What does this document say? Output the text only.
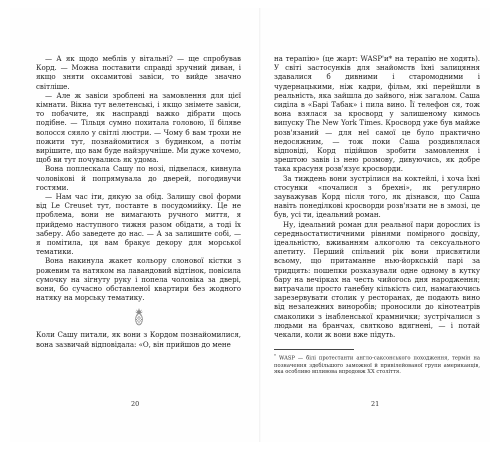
— А як щодо меблів у вітальні? — ще спробував Корд. — Можна поставити справді зручний диван, і якщо зняти оксамитові завіси, то вийде значно світліше.

— Але ж завіси зроблені на замовлення для цієї кімнати. Вікна тут велетенські, і якщо знімете завіси, то побачите, як насправді важко дібрати щось подібне. — Тільця сумно похитала головою, її біляве волосся сяяло у світлі люстри. — Чому б вам трохи не пожити тут, познайомитися з будинком, а потім вирішите, що вам буде найзручніше. Ми дуже хочемо, щоб ви тут почувались як удома.

Вона поплескала Сашу по нозі, підвелася, кивнула чоловікові й попрямувала до дверей, погодивучи гостями.

— Нам час іти, дякую за обід. Залишу свої форми від Le Creuset тут, поставте в посудомийку. Це не проблема, вони не вимагають ручного миття, я прийдемо наступного тижня разом обідати, а тоді їх заберу. Або заведете до нас. — А за залишите собі, — я помітила, ця вам бракує декору для морської тематики.

Вона накинула жакет кольору слонової кістки з рожевим та натяком на лавандовий відтінок, повісила сумочку на зігнуту руку і попела чоловіка за двері, вони, бо сучасно обставленої квартири без жодного натяку на морську тематику.

Коли Сашу питали, як вони з Кордом познайомилися, вона зазвичай відповідала: «О, він прийшов до мене

на терапію» (це жарт: WASP'и* на терапію не ходять). У світі застосунків для знайомств їхні залицяння здавалися б дивними і старомодними і чудернацькими, ніж кадри, фільм, які перейшли в реальність, яка зайшла до зайвого, ніж загалом. Саша сиділа в «Барі Табак» і пила вино. Її телефон ся, тож вона взялася за кросворд у залишеному кимось випуску The New York Times. Кросворд уже був майже розв'язаний — для неї самої це було практично недосяжним, — тож поки Саша роздивлялася відповіді, Корд підійшов зробити замовлення і зрештою завів із нею розмову, дивуючись, як добре така красуня розв'язує кросворди.

За тиждень вони зустрілися на коктейлі, і хоча їхні стосунки «почалися з брехні», як регулярно зауважував Корд після того, як дізнався, що Саша навіть понеділкові кросворди розв'язати не в змозі, це був, усі ти, ідеальний роман.

Ну, ідеальний роман для реальної пари дорослих із середньостатистичними рівнями помірного досвіду, ідеальністю, вживанням алкоголю та сексуального апетиту. Перший спільний рік вони присвятили всьому, що притаманне нью-йоркській парі за тридцять: пошепки розказували одне одному в кутку бару на вечірках на честь чийогось дня народження; витрачали просто ганебну кількість сил, намагаючись зарезервувати столик у ресторанах, де подають вино від незалежних виноробів; проносили до кінотеатрів смаколики з інабленської крамнички; зустрічалися з людьми на бранчах, святково вдягнені, — і потай чекали, коли ж вони вже підуть.

* WASP — білі протестанти англо-саксонського походження, термін на позначення здебільшого заможної й привілейованої групи американців, яка особливо впливова впродовж XX століття.

20	21
